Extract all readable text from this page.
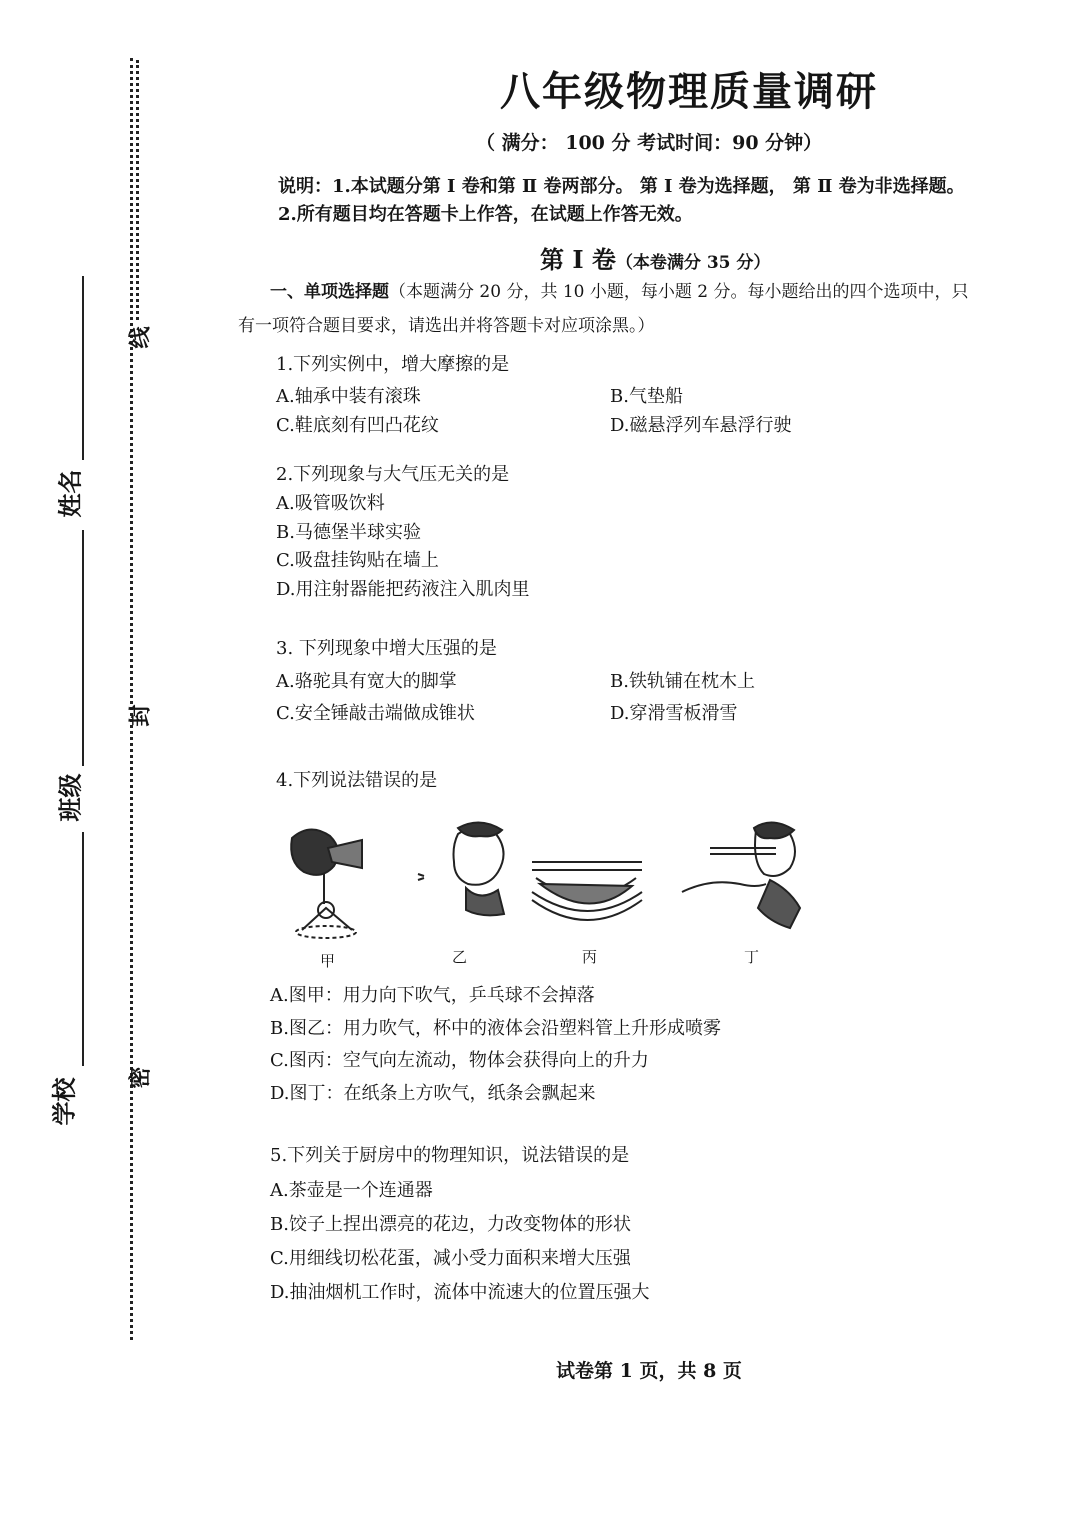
线
封
密
姓名
班级
学校
八年级物理质量调研
（ 满分： 100 分 考试时间：90 分钟）
说明：1.本试题分第 Ⅰ 卷和第 Ⅱ 卷两部分。 第 Ⅰ 卷为选择题， 第 Ⅱ 卷为非选择题。
2.所有题目均在答题卡上作答，在试题上作答无效。
第 Ⅰ 卷（本卷满分 35 分）
一、单项选择题（本题满分 20 分，共 10 小题，每小题 2 分。每小题给出的四个选项中，只
有一项符合题目要求，请选出并将答题卡对应项涂黑。）
1.下列实例中，增大摩擦的是
A.轴承中装有滚珠	B.气垫船
C.鞋底刻有凹凸花纹	D.磁悬浮列车悬浮行驶
2.下列现象与大气压无关的是
A.吸管吸饮料
B.马德堡半球实验
C.吸盘挂钩贴在墙上
D.用注射器能把药液注入肌肉里
3. 下列现象中增大压强的是
A.骆驼具有宽大的脚掌	B.铁轨铺在枕木上
C.安全锤敲击端做成锥状	D.穿滑雪板滑雪
4.下列说法错误的是
甲	乙	丙	丁
A.图甲：用力向下吹气，乒乓球不会掉落
B.图乙：用力吹气，杯中的液体会沿塑料管上升形成喷雾
C.图丙：空气向左流动，物体会获得向上的升力
D.图丁：在纸条上方吹气，纸条会飘起来
5.下列关于厨房中的物理知识，说法错误的是
A.茶壶是一个连通器
B.饺子上捏出漂亮的花边，力改变物体的形状
C.用细线切松花蛋，减小受力面积来增大压强
D.抽油烟机工作时，流体中流速大的位置压强大
试卷第 1 页，共 8 页
